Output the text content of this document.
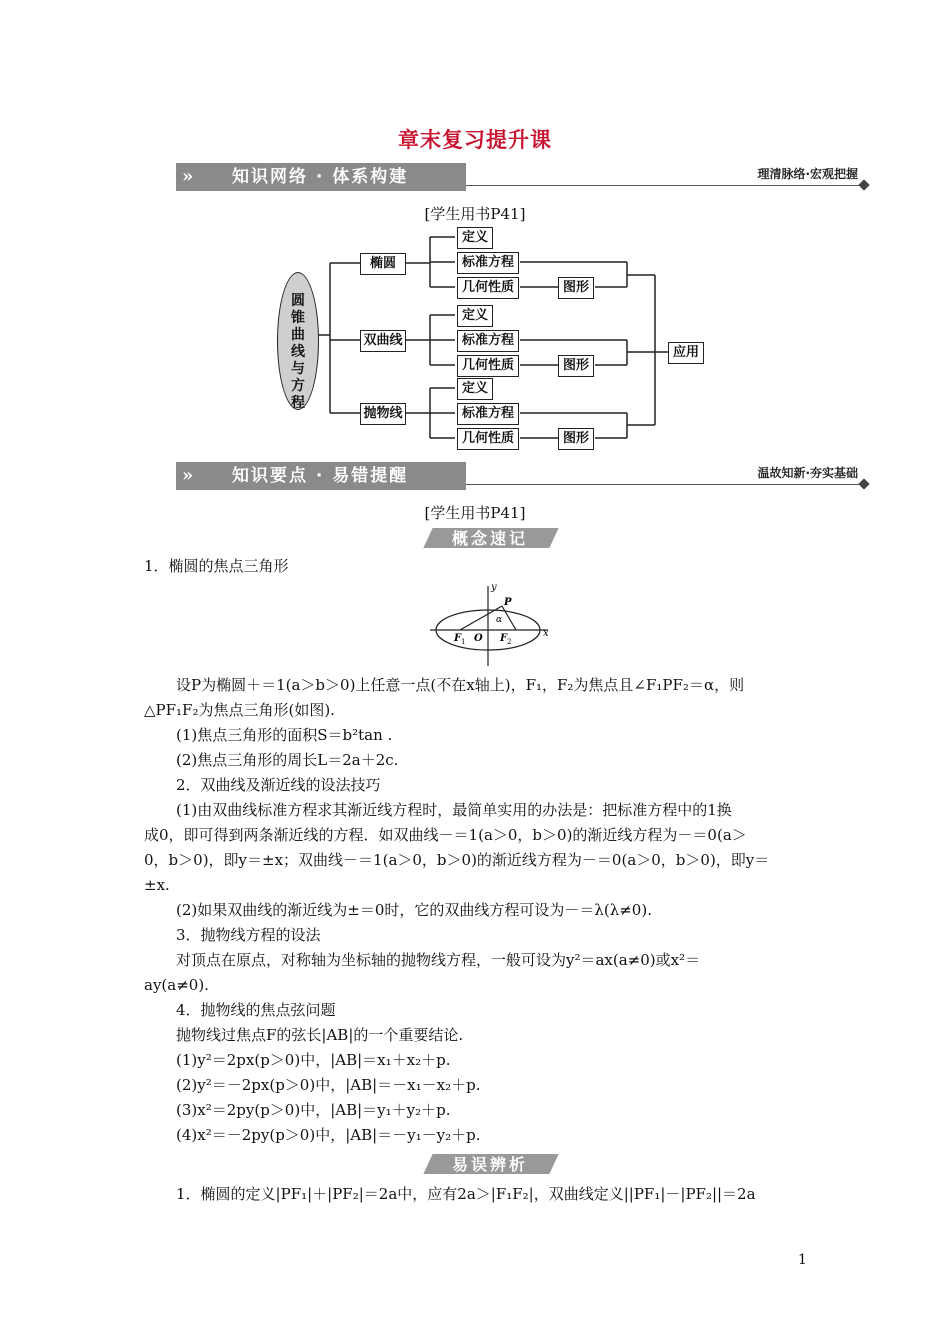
章末复习提升课
»	知识网络 · 体系构建	理清脉络·宏观把握
[学生用书P41]
圆
锥
曲
线
与
方
程
椭圆
双曲线
抛物线
定义
标准方程
几何性质	图形
定义
标准方程
几何性质	图形
定义
标准方程
几何性质	图形
应用
»	知识要点 · 易错提醒	温故知新·夯实基础
[学生用书P41]
概念速记
1．椭圆的焦点三角形
y
x
P
α
F 1 O F 2
设P为椭圆＋＝1(a＞b＞0)上任意一点(不在x轴上)，F₁，F₂为焦点且∠F₁PF₂＝α，则
△PF₁F₂为焦点三角形(如图).
(1)焦点三角形的面积S＝b²tan .
(2)焦点三角形的周长L＝2a＋2c.
2．双曲线及渐近线的设法技巧
(1)由双曲线标准方程求其渐近线方程时，最简单实用的办法是：把标准方程中的1换
成0，即可得到两条渐近线的方程．如双曲线－＝1(a＞0，b＞0)的渐近线方程为－＝0(a＞
0，b＞0)，即y＝±x；双曲线－＝1(a＞0，b＞0)的渐近线方程为－＝0(a＞0，b＞0)，即y＝
±x.
(2)如果双曲线的渐近线为±＝0时，它的双曲线方程可设为－＝λ(λ≠0).
3．抛物线方程的设法
对顶点在原点，对称轴为坐标轴的抛物线方程，一般可设为y²＝ax(a≠0)或x²＝
ay(a≠0).
4．抛物线的焦点弦问题
抛物线过焦点F的弦长|AB|的一个重要结论.
(1)y²＝2px(p＞0)中，|AB|＝x₁＋x₂＋p.
(2)y²＝－2px(p＞0)中，|AB|＝－x₁－x₂＋p.
(3)x²＝2py(p＞0)中，|AB|＝y₁＋y₂＋p.
(4)x²＝－2py(p＞0)中，|AB|＝－y₁－y₂＋p.
易误辨析
1．椭圆的定义|PF₁|＋|PF₂|＝2a中，应有2a＞|F₁F₂|，双曲线定义||PF₁|－|PF₂||＝2a
1
